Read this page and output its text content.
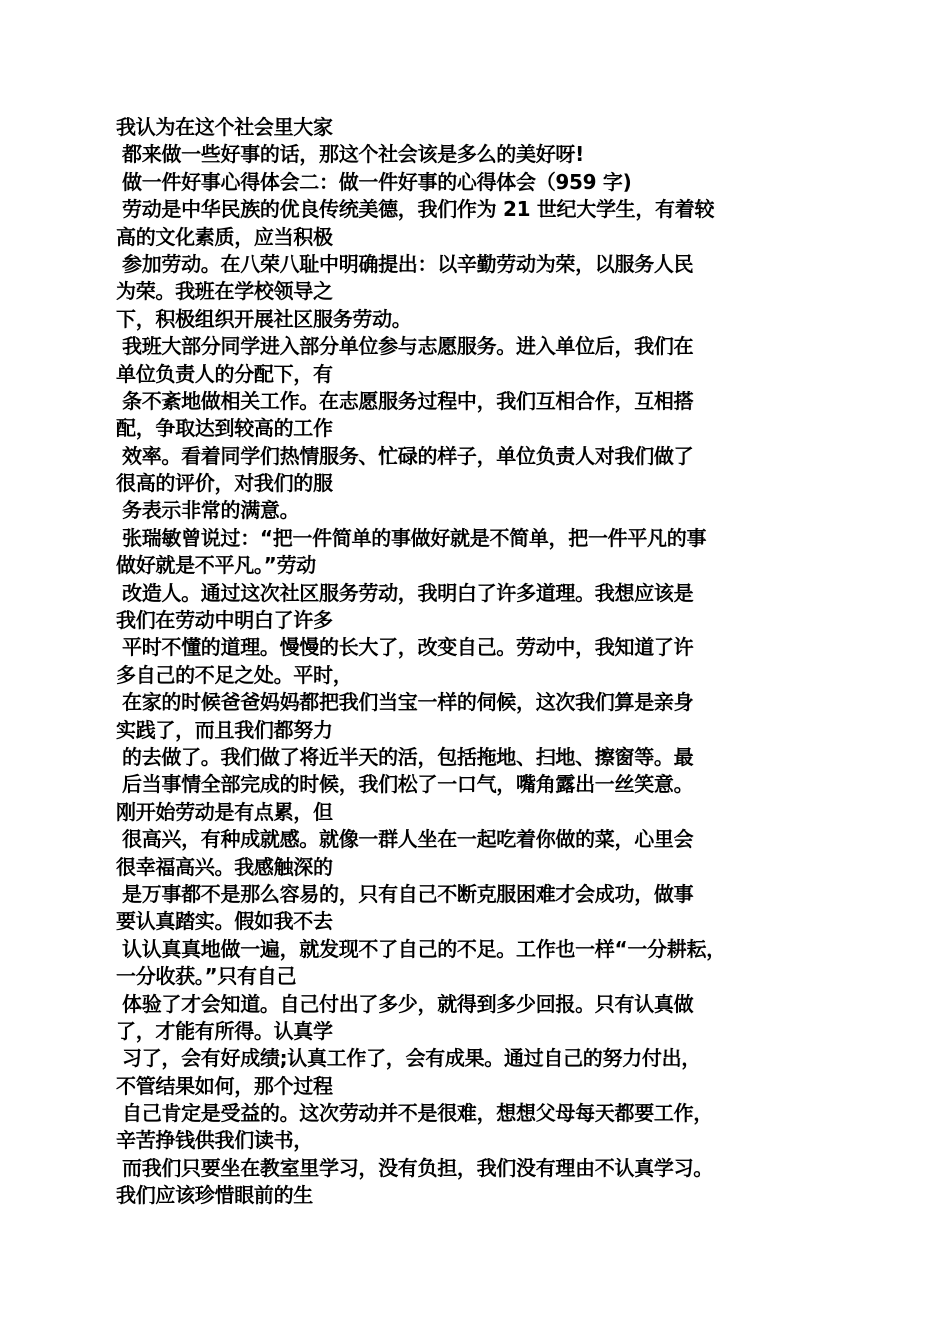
我认为在这个社会里大家
都来做一些好事的话，那这个社会该是多么的美好呀!
做一件好事心得体会二：做一件好事的心得体会（959 字)
劳动是中华民族的优良传统美德，我们作为 21 世纪大学生，有着较
高的文化素质，应当积极
参加劳动。在八荣八耻中明确提出：以辛勤劳动为荣，以服务人民
为荣。我班在学校领导之
下，积极组织开展社区服务劳动。
我班大部分同学进入部分单位参与志愿服务。进入单位后，我们在
单位负责人的分配下，有
条不紊地做相关工作。在志愿服务过程中，我们互相合作，互相搭
配，争取达到较高的工作
效率。看着同学们热情服务、忙碌的样子，单位负责人对我们做了
很高的评价，对我们的服
务表示非常的满意。
张瑞敏曾说过：“把一件简单的事做好就是不简单，把一件平凡的事
做好就是不平凡。”劳动
改造人。通过这次社区服务劳动，我明白了许多道理。我想应该是
我们在劳动中明白了许多
平时不懂的道理。慢慢的长大了，改变自己。劳动中，我知道了许
多自己的不足之处。平时，
在家的时候爸爸妈妈都把我们当宝一样的伺候，这次我们算是亲身
实践了，而且我们都努力
的去做了。我们做了将近半天的活，包括拖地、扫地、擦窗等。最
后当事情全部完成的时候，我们松了一口气，嘴角露出一丝笑意。
刚开始劳动是有点累，但
很高兴，有种成就感。就像一群人坐在一起吃着你做的菜，心里会
很幸福高兴。我感触深的
是万事都不是那么容易的，只有自己不断克服困难才会成功，做事
要认真踏实。假如我不去
认认真真地做一遍，就发现不了自己的不足。工作也一样“一分耕耘，
一分收获。”只有自己
体验了才会知道。自己付出了多少，就得到多少回报。只有认真做
了，才能有所得。认真学
习了，会有好成绩;认真工作了，会有成果。通过自己的努力付出，
不管结果如何，那个过程
自己肯定是受益的。这次劳动并不是很难，想想父母每天都要工作，
辛苦挣钱供我们读书，
而我们只要坐在教室里学习，没有负担，我们没有理由不认真学习。
我们应该珍惜眼前的生
